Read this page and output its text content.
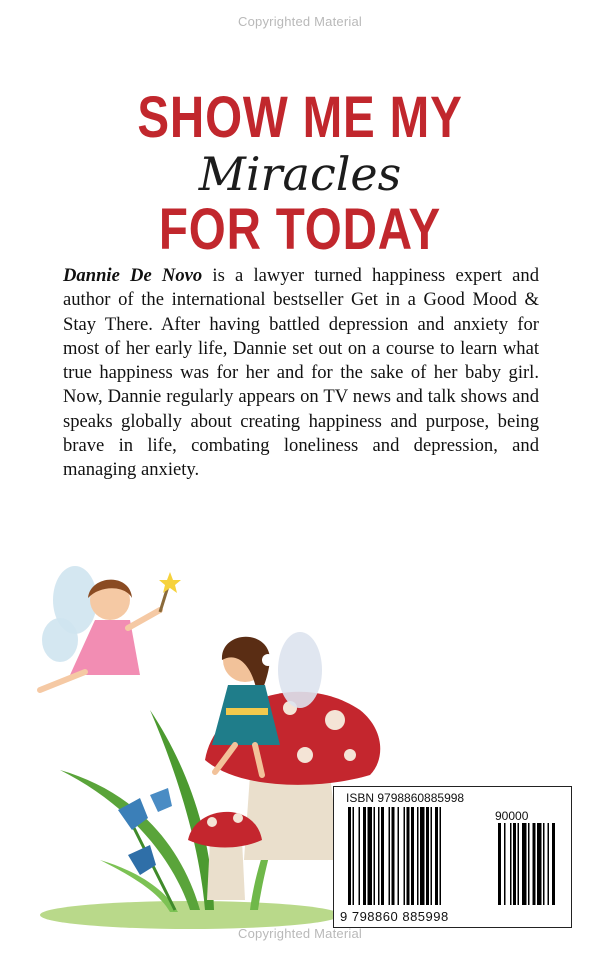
Copyrighted Material
SHOW ME MY
Miracles
FOR TODAY
Dannie De Novo is a lawyer turned happiness expert and author of the international bestseller Get in a Good Mood & Stay There. After having battled depression and anxiety for most of her early life, Dannie set out on a course to learn what true happiness was for her and for the sake of her baby girl. Now, Dannie regularly appears on TV news and talk shows and speaks globally about creating happiness and purpose, being brave in life, combating loneliness and depression, and managing anxiety.
ISBN 9798860885998
90000
9 798860 885998
Copyrighted Material
